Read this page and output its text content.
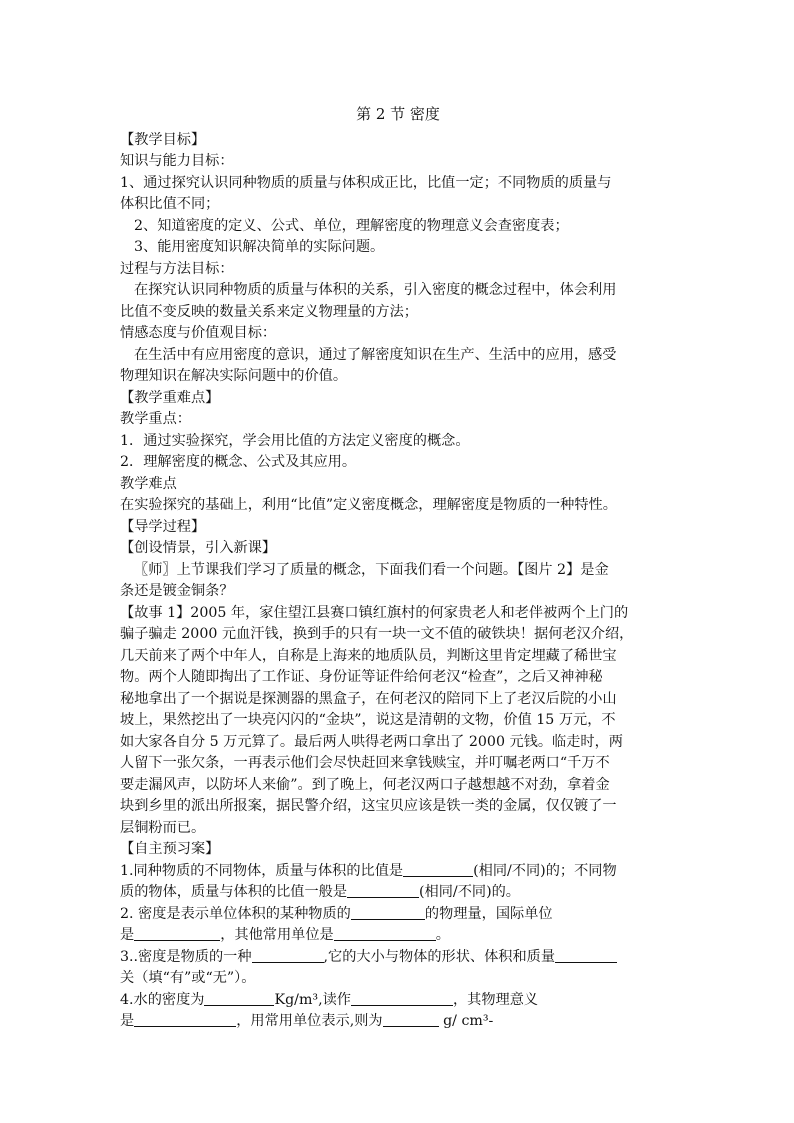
第 2 节 密度

【教学目标】

知识与能力目标：

1、通过探究认识同种物质的质量与体积成正比，比值一定；不同物质的质量与

体积比值不同；

2、知道密度的定义、公式、单位，理解密度的物理意义会查密度表；

3、能用密度知识解决简单的实际问题。

过程与方法目标：

在探究认识同种物质的质量与体积的关系，引入密度的概念过程中，体会利用

比值不变反映的数量关系来定义物理量的方法；

情感态度与价值观目标：

在生活中有应用密度的意识，通过了解密度知识在生产、生活中的应用，感受

物理知识在解决实际问题中的价值。

【教学重难点】

教学重点：

1．通过实验探究，学会用比值的方法定义密度的概念。

2．理解密度的概念、公式及其应用。

教学难点

在实验探究的基础上，利用“比值”定义密度概念，理解密度是物质的一种特性。

【导学过程】

【创设情景，引入新课】

〖师〗上节课我们学习了质量的概念，下面我们看一个问题。【图片 2】是金

条还是镀金铜条？

【故事 1】2005 年，家住望江县赛口镇红旗村的何家贵老人和老伴被两个上门的

骗子骗走 2000 元血汗钱，换到手的只有一块一文不值的破铁块！据何老汉介绍，

几天前来了两个中年人，自称是上海来的地质队员，判断这里肯定埋藏了稀世宝

物。两个人随即掏出了工作证、身份证等证件给何老汉“检查”，之后又神神秘

秘地拿出了一个据说是探测器的黑盒子，在何老汉的陪同下上了老汉后院的小山

坡上，果然挖出了一块亮闪闪的“金块”，说这是清朝的文物，价值 15 万元，不

如大家各自分 5 万元算了。最后两人哄得老两口拿出了 2000 元钱。临走时，两

人留下一张欠条，一再表示他们会尽快赶回来拿钱赎宝，并叮嘱老两口“千万不

要走漏风声，以防坏人来偷”。到了晚上，何老汉两口子越想越不对劲，拿着金

块到乡里的派出所报案，据民警介绍，这宝贝应该是铁一类的金属，仅仅镀了一

层铜粉而已。

【自主预习案】

1.同种物质的不同物体，质量与体积的比值是	(相同/不同)的；不同物

质的物体，质量与体积的比值一般是	(相同/不同)的。

2. 密度是表示单位体积的某种物质的	的物理量，国际单位

是	，其他常用单位是	。

3..密度是物质的一种	,它的大小与物体的形状、体积和质量

关（填“有”或“无”）。

4.水的密度为	Kg/m³,读作	，其物理意义

是	，用常用单位表示,则为	g/ cm³-
